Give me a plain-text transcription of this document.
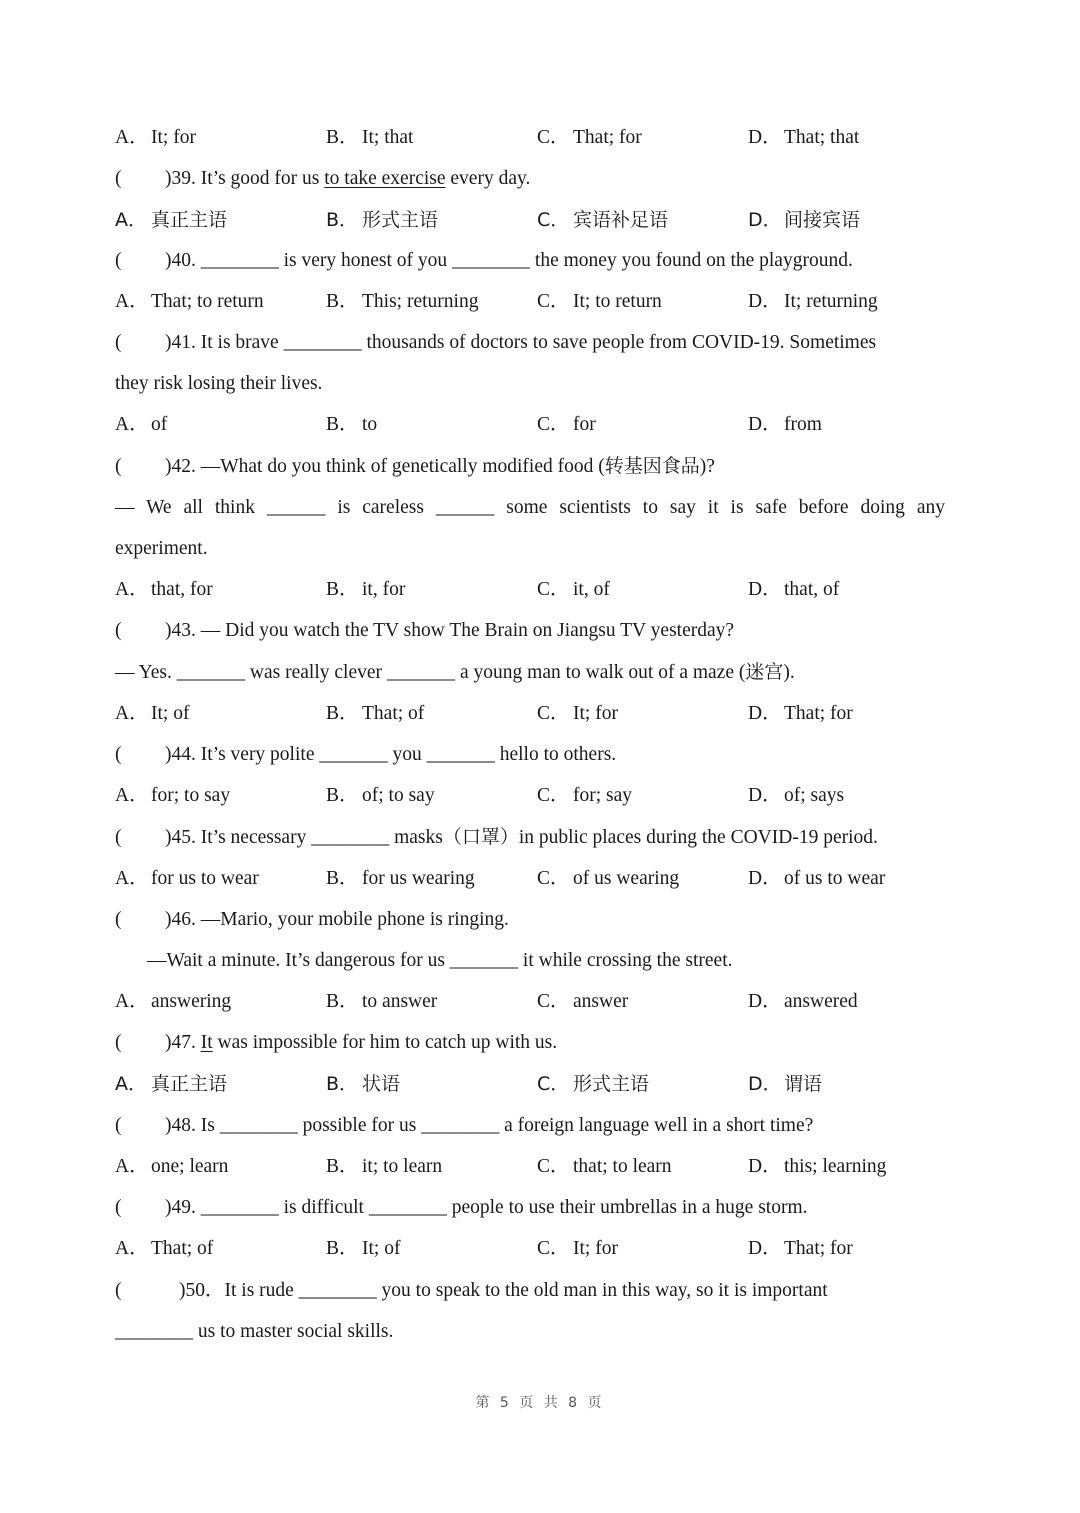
A． It; for	B． It; that	C． That; for	D． That; that
( )39. It’s good for us to take exercise every day.
A． 真正主语	B． 形式主语	C． 宾语补足语	D． 间接宾语
( )40. ________ is very honest of you ________ the money you found on the playground.
A． That; to return	B． This; returning	C． It; to return	D． It; returning
( )41. It is brave ________ thousands of doctors to save people from COVID-19. Sometimes
they risk losing their lives.
A． of	B． to	C． for	D． from
( )42. —What do you think of genetically modified food (转基因食品)?
— We all think ______ is careless ______ some scientists to say it is safe before doing any
experiment.
A． that, for	B． it, for	C． it, of	D． that, of
( )43. — Did you watch the TV show The Brain on Jiangsu TV yesterday?
— Yes. _______ was really clever _______ a young man to walk out of a maze (迷宫).
A． It; of	B． That; of	C． It; for	D． That; for
( )44. It’s very polite _______ you _______ hello to others.
A． for; to say	B． of; to say	C． for; say	D． of; says
( )45. It’s necessary ________ masks（口罩）in public places during the COVID-19 period.
A． for us to wear	B． for us wearing	C． of us wearing	D． of us to wear
( )46. —Mario, your mobile phone is ringing.
—Wait a minute. It’s dangerous for us _______ it while crossing the street.
A． answering	B． to answer	C． answer	D． answered
( )47. It was impossible for him to catch up with us.
A． 真正主语	B． 状语	C． 形式主语	D． 谓语
( )48. Is ________ possible for us ________ a foreign language well in a short time?
A． one; learn	B． it; to learn	C． that; to learn	D． this; learning
( )49. ________ is difficult ________ people to use their umbrellas in a huge storm.
A． That; of	B． It; of	C． It; for	D． That; for
(	)50．It is rude ________ you to speak to the old man in this way, so it is important
________ us to master social skills.
第 5 页 共 8 页
